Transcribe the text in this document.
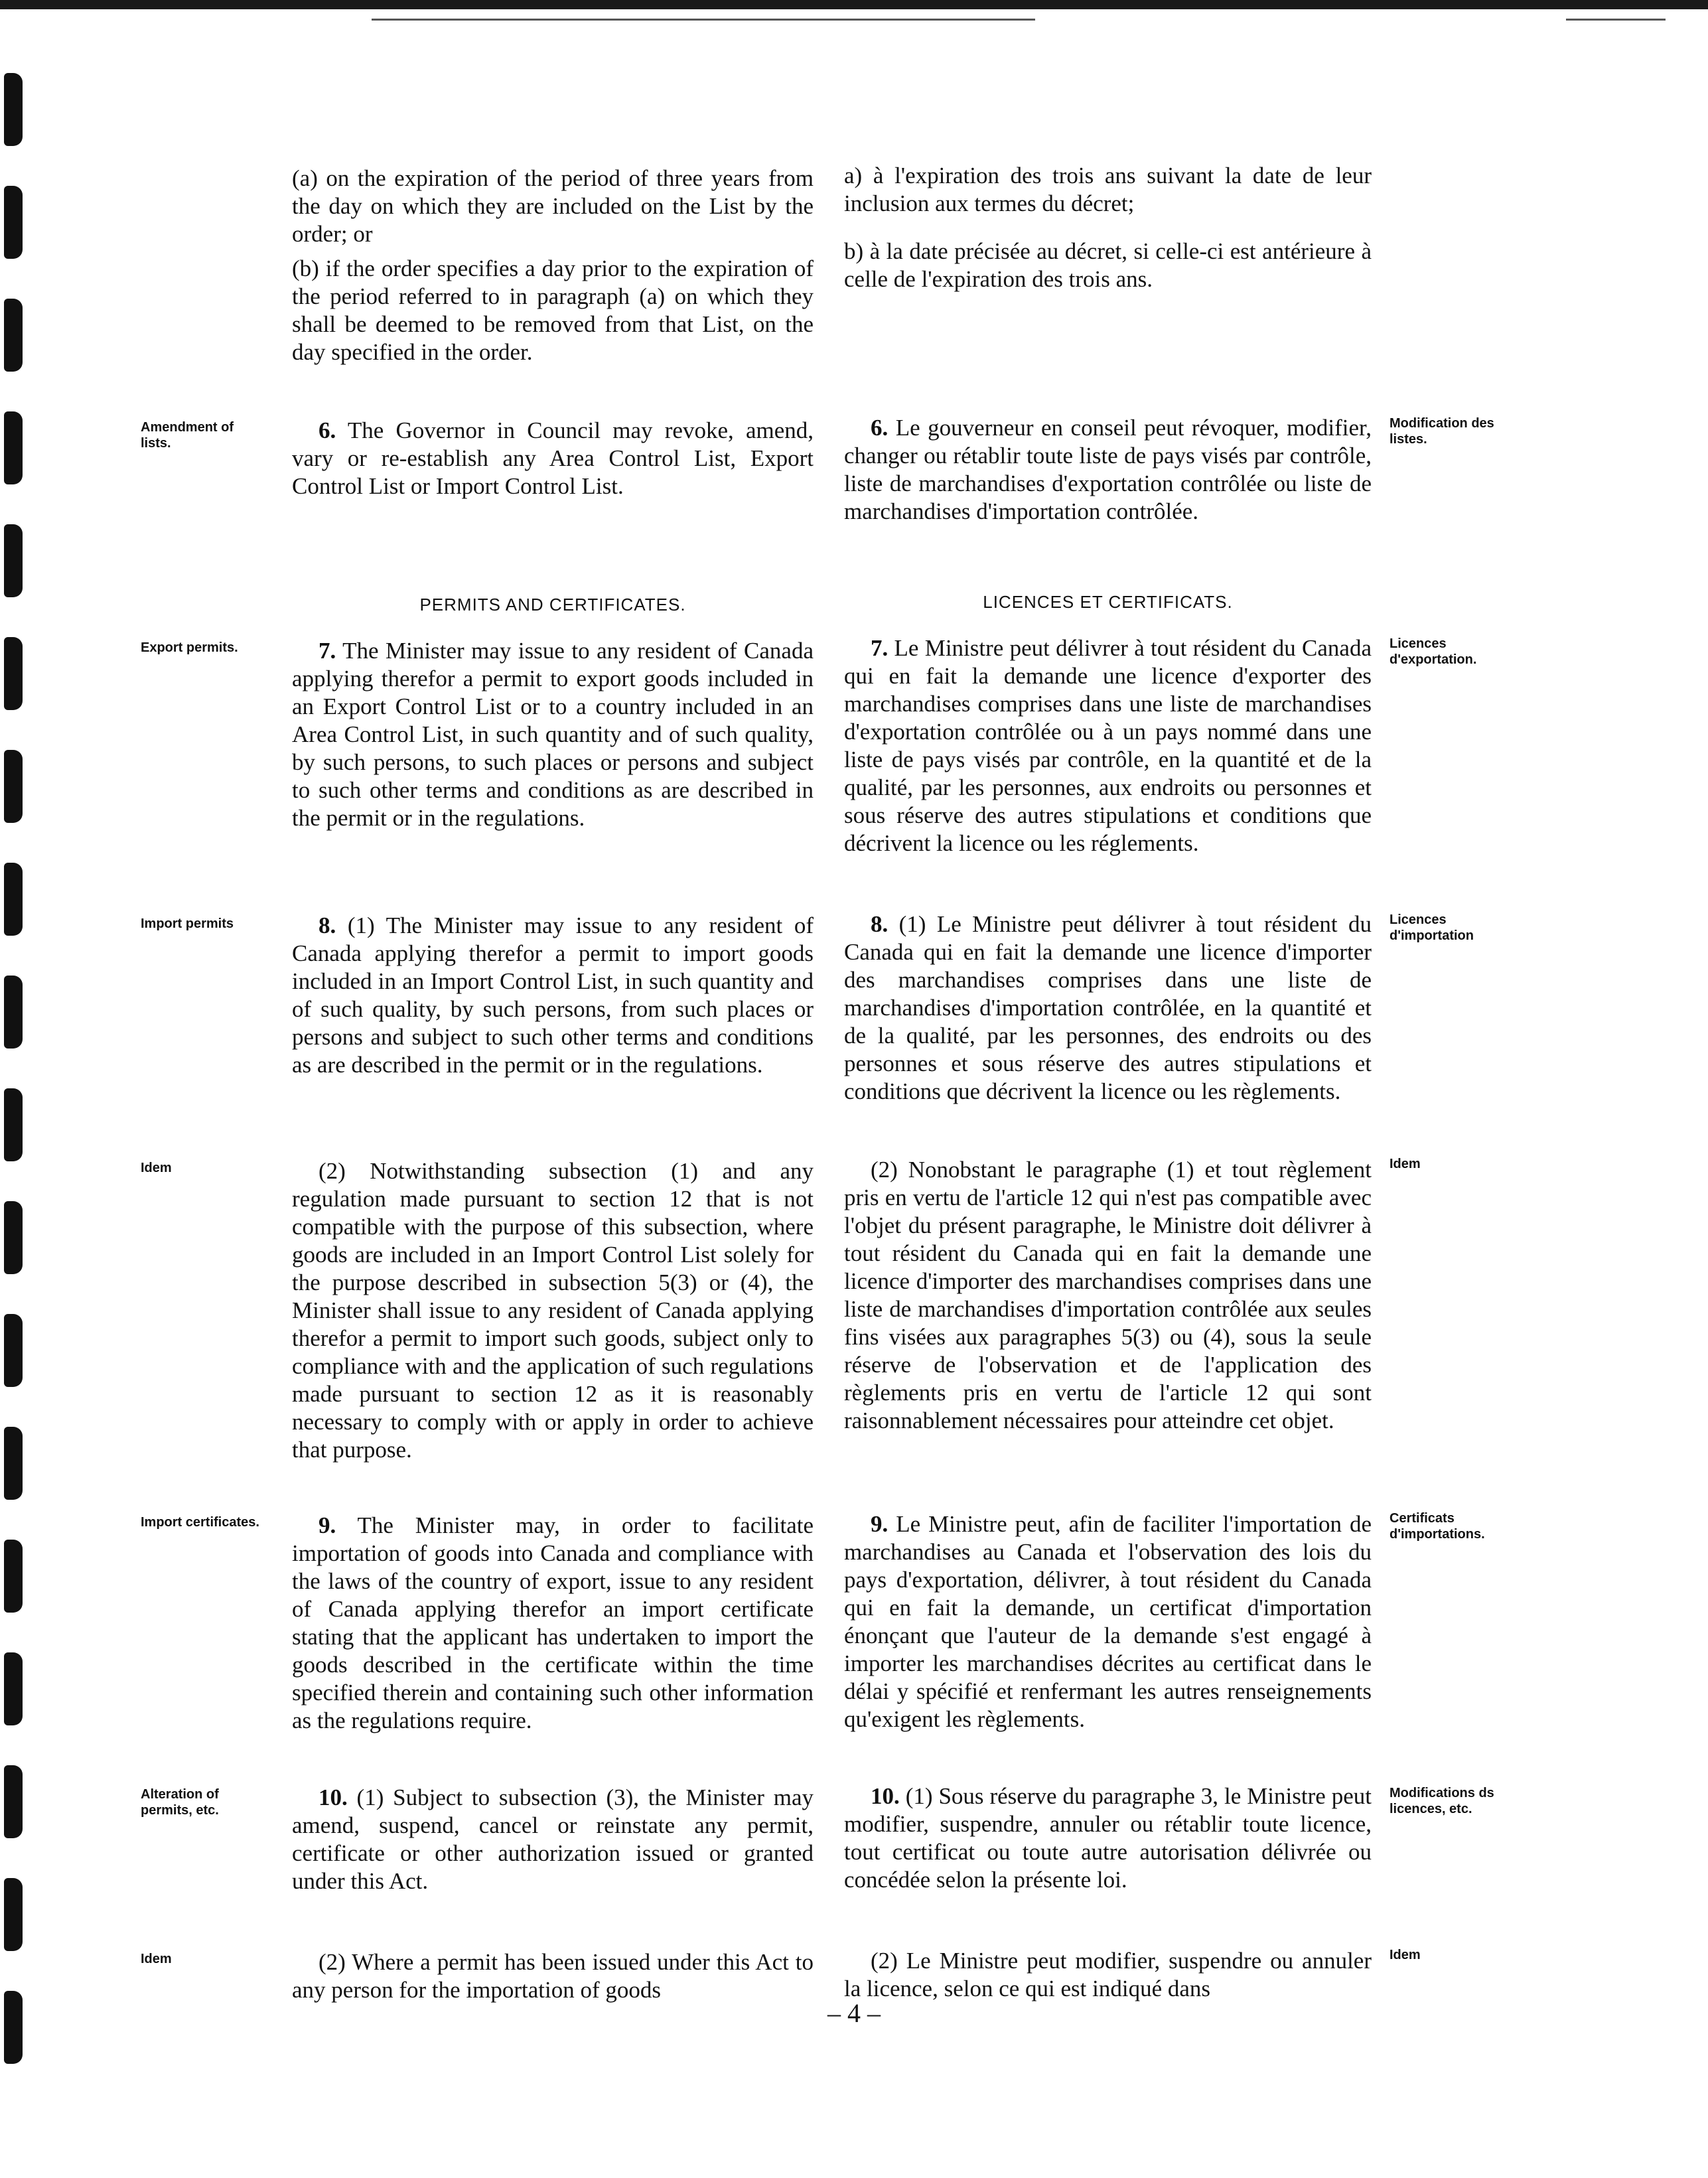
(a) on the expiration of the period of three years from the day on which they are included on the List by the order; or

(b) if the order specifies a day prior to the expiration of the period referred to in paragraph (a) on which they shall be deemed to be removed from that List, on the day specified in the order.

a) à l'expiration des trois ans suivant la date de leur inclusion aux termes du décret;

b) à la date précisée au décret, si celle-ci est antérieure à celle de l'expiration des trois ans.

Amendment of lists.
Modification des listes.

6. The Governor in Council may revoke, amend, vary or re-establish any Area Control List, Export Control List or Import Control List.

6. Le gouverneur en conseil peut révoquer, modifier, changer ou rétablir toute liste de pays visés par contrôle, liste de marchandises d'exportation contrôlée ou liste de marchandises d'importation contrôlée.

PERMITS AND CERTIFICATES.	LICENCES ET CERTIFICATS.
Export permits.	Licences d'exportation.

7. The Minister may issue to any resident of Canada applying therefor a permit to export goods included in an Export Control List or to a country included in an Area Control List, in such quantity and of such quality, by such persons, to such places or persons and subject to such other terms and conditions as are described in the permit or in the regulations.

7. Le Ministre peut délivrer à tout résident du Canada qui en fait la demande une licence d'exporter des marchandises comprises dans une liste de marchandises d'exportation contrôlée ou à un pays nommé dans une liste de pays visés par contrôle, en la quantité et de la qualité, par les personnes, aux endroits ou personnes et sous réserve des autres stipulations et conditions que décrivent la licence ou les réglements.

Import permits	Licences d'importation

8. (1) The Minister may issue to any resident of Canada applying therefor a permit to import goods included in an Import Control List, in such quantity and of such quality, by such persons, from such places or persons and subject to such other terms and conditions as are described in the permit or in the regulations.

8. (1) Le Ministre peut délivrer à tout résident du Canada qui en fait la demande une licence d'importer des marchandises comprises dans une liste de marchandises d'importation contrôlée, en la quantité et de la qualité, par les personnes, des endroits ou des personnes et sous réserve des autres stipulations et conditions que décrivent la licence ou les règlements.

Idem	Idem

(2) Notwithstanding subsection (1) and any regulation made pursuant to section 12 that is not compatible with the purpose of this subsection, where goods are included in an Import Control List solely for the purpose described in subsection 5(3) or (4), the Minister shall issue to any resident of Canada applying therefor a permit to import such goods, subject only to compliance with and the application of such regulations made pursuant to section 12 as it is reasonably necessary to comply with or apply in order to achieve that purpose.

(2) Nonobstant le paragraphe (1) et tout règlement pris en vertu de l'article 12 qui n'est pas compatible avec l'objet du présent paragraphe, le Ministre doit délivrer à tout résident du Canada qui en fait la demande une licence d'importer des marchandises comprises dans une liste de marchandises d'importation contrôlée aux seules fins visées aux paragraphes 5(3) ou (4), sous la seule réserve de l'observation et de l'application des règlements pris en vertu de l'article 12 qui sont raisonnablement nécessaires pour atteindre cet objet.

Import certificates.	Certificats d'importations.

9. The Minister may, in order to facilitate importation of goods into Canada and compliance with the laws of the country of export, issue to any resident of Canada applying therefor an import certificate stating that the applicant has undertaken to import the goods described in the certificate within the time specified therein and containing such other information as the regulations require.

9. Le Ministre peut, afin de faciliter l'importation de marchandises au Canada et l'observation des lois du pays d'exportation, délivrer, à tout résident du Canada qui en fait la demande, un certificat d'importation énonçant que l'auteur de la demande s'est engagé à importer les marchandises décrites au certificat dans le délai y spécifié et renfermant les autres renseignements qu'exigent les règlements.

Alteration of permits, etc.
Modifications ds licences, etc.

10. (1) Subject to subsection (3), the Minister may amend, suspend, cancel or reinstate any permit, certificate or other authorization issued or granted under this Act.

10. (1) Sous réserve du paragraphe 3, le Ministre peut modifier, suspendre, annuler ou rétablir toute licence, tout certificat ou toute autre autorisation délivrée ou concédée selon la présente loi.

Idem	Idem

(2) Where a permit has been issued under this Act to any person for the importation of goods

(2) Le Ministre peut modifier, suspendre ou annuler la licence, selon ce qui est indiqué dans

– 4 –
